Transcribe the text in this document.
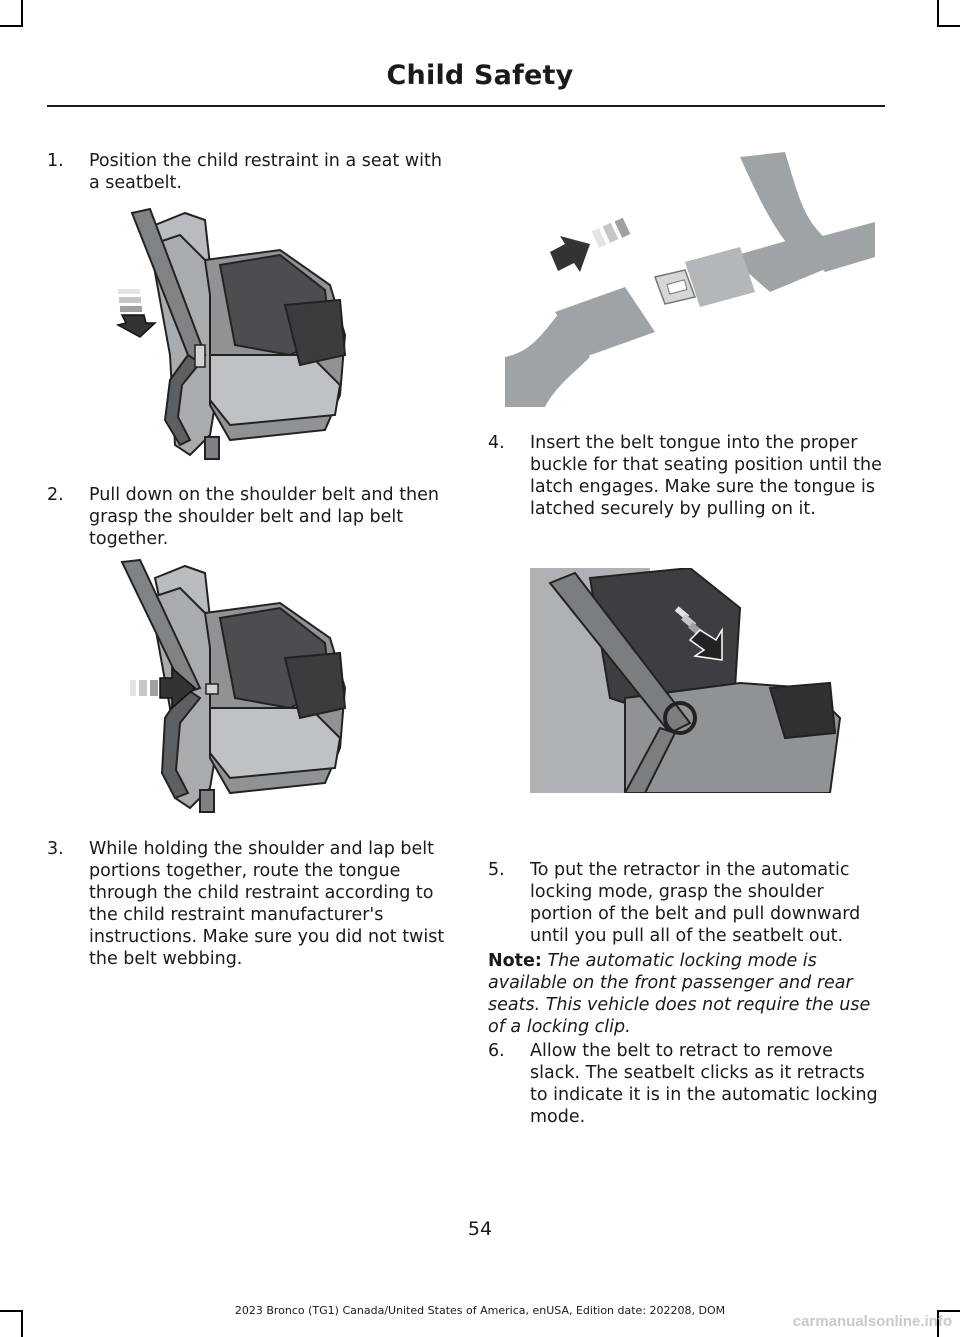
Child Safety
1. Position the child restraint in a seat with a seatbelt.
2. Pull down on the shoulder belt and then grasp the shoulder belt and lap belt together.
3. While holding the shoulder and lap belt portions together, route the tongue through the child restraint according to the child restraint manufacturer's instructions. Make sure you did not twist the belt webbing.
4. Insert the belt tongue into the proper buckle for that seating position until the latch engages. Make sure the tongue is latched securely by pulling on it.
5. To put the retractor in the automatic locking mode, grasp the shoulder portion of the belt and pull downward until you pull all of the seatbelt out.
Note: The automatic locking mode is available on the front passenger and rear seats. This vehicle does not require the use of a locking clip.
6. Allow the belt to retract to remove slack. The seatbelt clicks as it retracts to indicate it is in the automatic locking mode.
54
2023 Bronco (TG1) Canada/United States of America, enUSA, Edition date: 202208, DOM
carmanualsonline.info
